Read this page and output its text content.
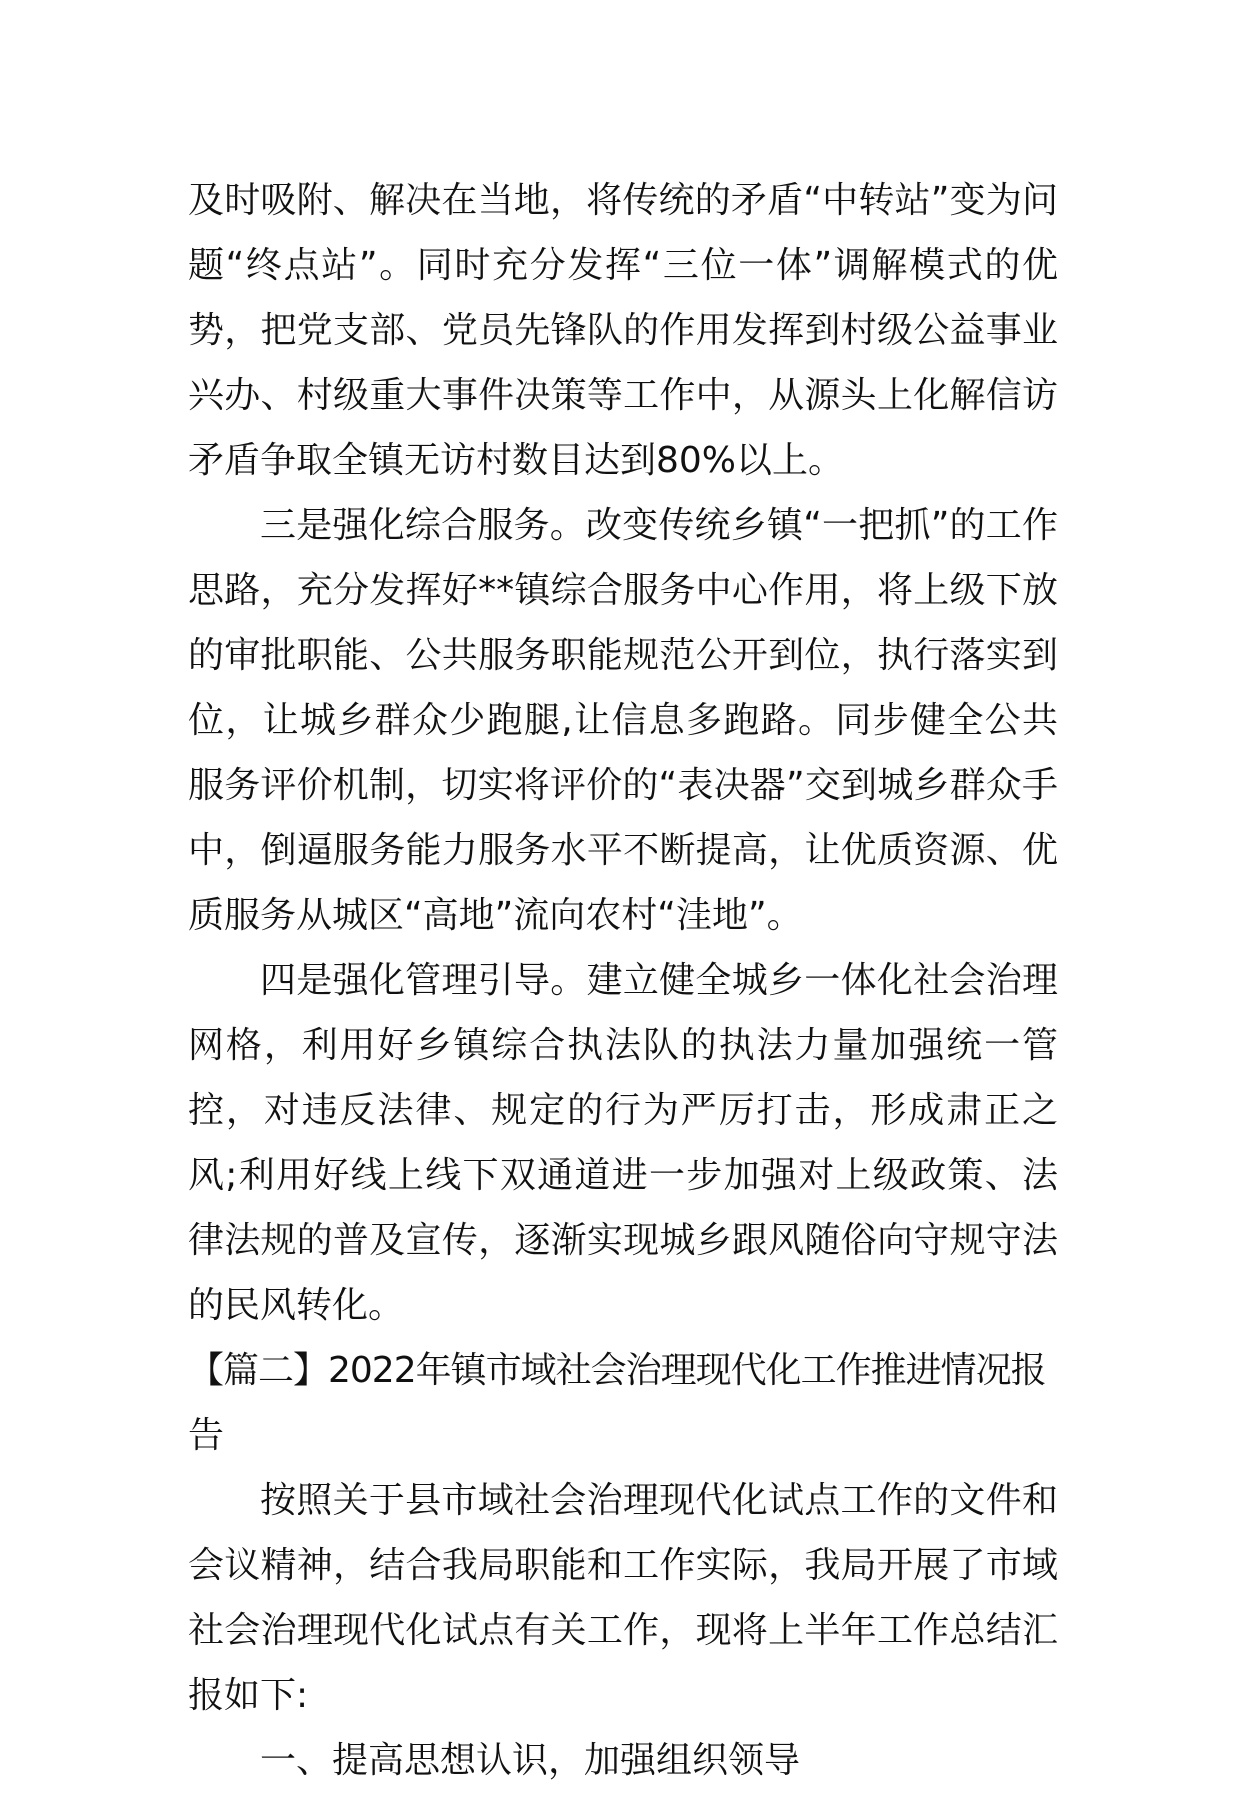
及时吸附、解决在当地，将传统的矛盾“中转站”变为问题“终点站”。同时充分发挥“三位一体”调解模式的优势，把党支部、党员先锋队的作用发挥到村级公益事业兴办、村级重大事件决策等工作中，从源头上化解信访矛盾争取全镇无访村数目达到80%以上。

三是强化综合服务。改变传统乡镇“一把抓”的工作思路，充分发挥好**镇综合服务中心作用，将上级下放的审批职能、公共服务职能规范公开到位，执行落实到位，让城乡群众少跑腿,让信息多跑路。同步健全公共服务评价机制，切实将评价的“表决器”交到城乡群众手中，倒逼服务能力服务水平不断提高，让优质资源、优质服务从城区“高地”流向农村“洼地”。

四是强化管理引导。建立健全城乡一体化社会治理网格，利用好乡镇综合执法队的执法力量加强统一管控，对违反法律、规定的行为严厉打击，形成肃正之风;利用好线上线下双通道进一步加强对上级政策、法律法规的普及宣传，逐渐实现城乡跟风随俗向守规守法的民风转化。

【篇二】2022年镇市域社会治理现代化工作推进情况报告

按照关于县市域社会治理现代化试点工作的文件和会议精神，结合我局职能和工作实际，我局开展了市域社会治理现代化试点有关工作，现将上半年工作总结汇报如下:

一、提高思想认识，加强组织领导
